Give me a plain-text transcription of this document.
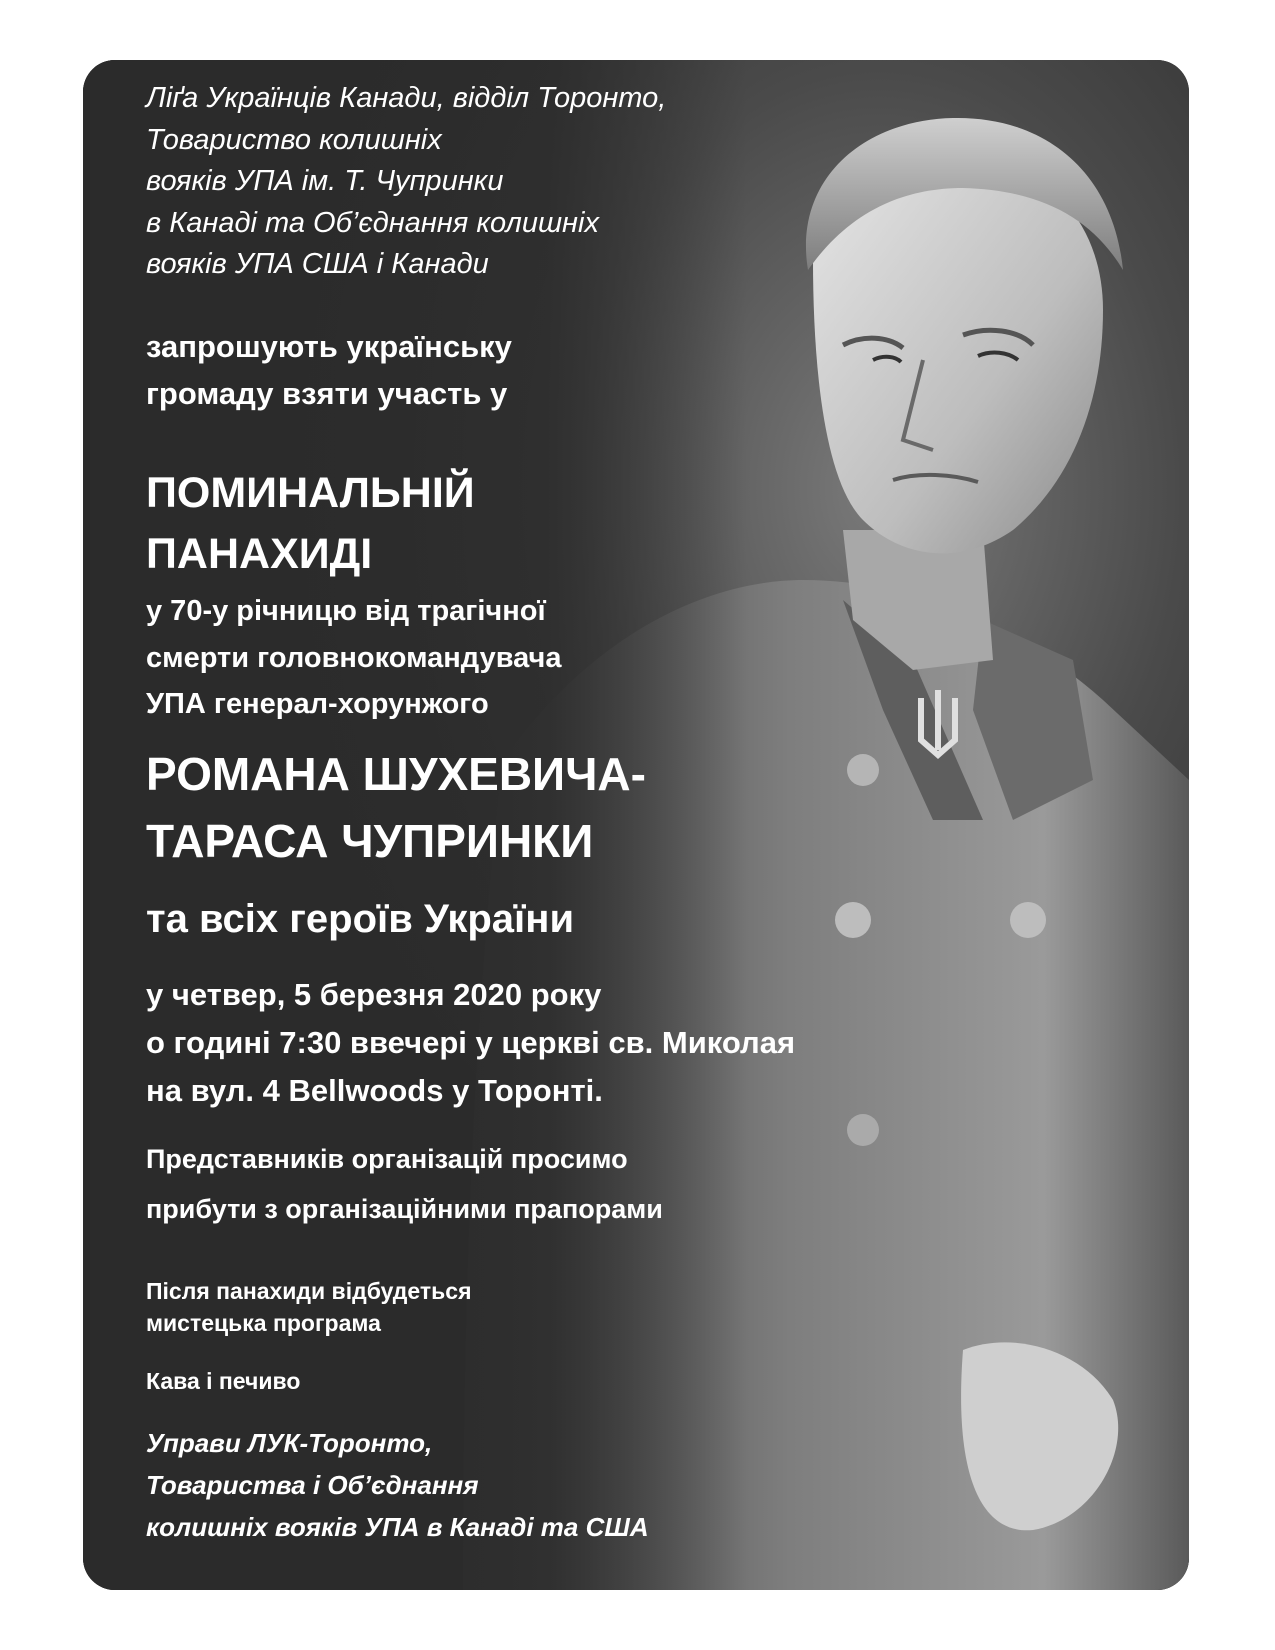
Ліґа Українців Канади, відділ Торонто,
Товариство колишніх
вояків УПА ім. Т. Чупринки
в Канаді та Об’єднання колишніх
вояків УПА США і Канади

запрошують українську
громаду взяти участь у

ПОМИНАЛЬНІЙ
ПАНАХИДІ

у 70-у річницю від трагічної
смерти головнокомандувача
УПА генерал-хорунжого

РОМАНА ШУХЕВИЧА-
ТАРАСА ЧУПРИНКИ

та всіх героїв України

у четвер, 5 березня 2020 року
о годині 7:30 ввечері у церкві св. Миколая
на вул. 4 Bellwoods у Торонті.

Представників організацій просимо
прибути з організаційними прапорами

Після панахиди відбудеться
мистецька програма

Кава і печиво

Управи ЛУК-Торонто,
Товариства і Об’єднання
колишніх вояків УПА в Канаді та США
